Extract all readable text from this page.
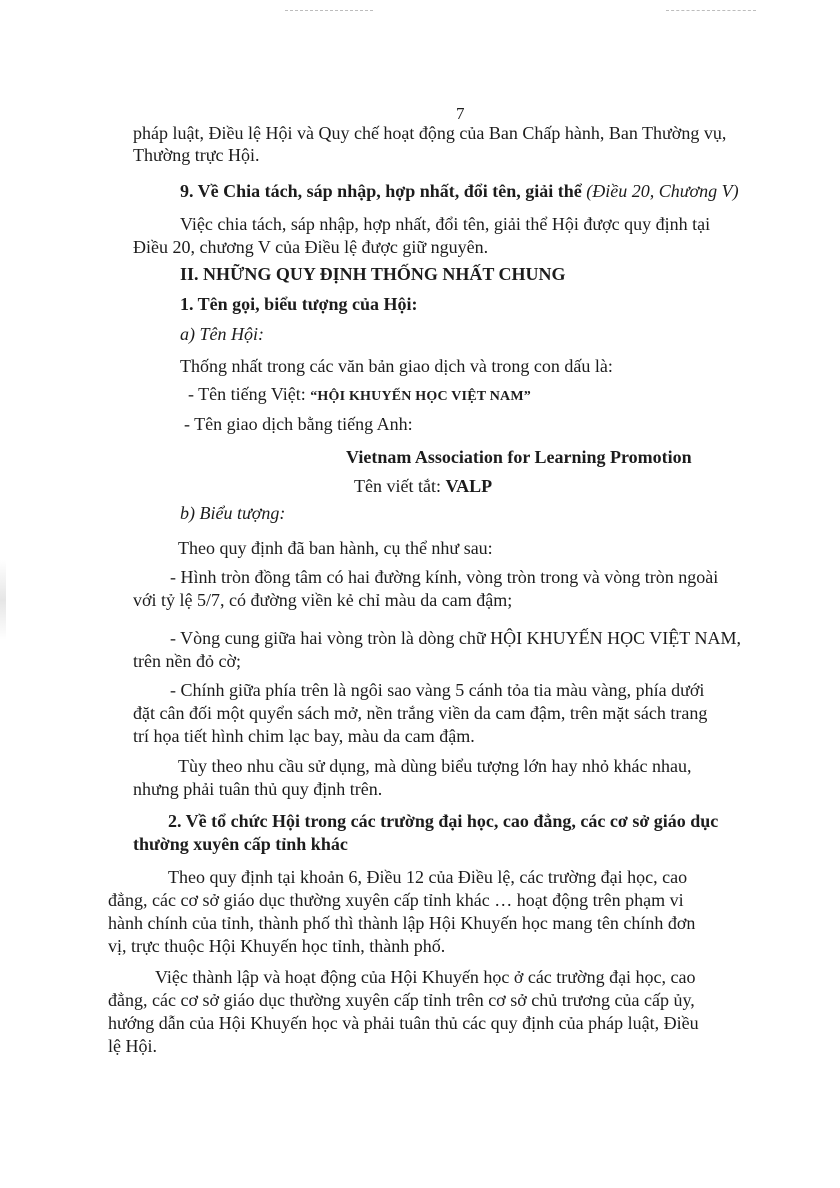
7
pháp luật, Điều lệ Hội và Quy chế hoạt động của Ban Chấp hành, Ban Thường vụ,
Thường trực Hội.
9. Về Chia tách, sáp nhập, hợp nhất, đổi tên, giải thể (Điều 20, Chương V)
Việc chia tách, sáp nhập, hợp nhất, đổi tên, giải thể Hội được quy định tại
Điều 20, chương V của Điều lệ được giữ nguyên.
II. NHỮNG QUY ĐỊNH THỐNG NHẤT CHUNG
1. Tên gọi, biểu tượng của Hội:
a) Tên Hội:
Thống nhất trong các văn bản giao dịch và trong con dấu là:
- Tên tiếng Việt: “HỘI KHUYẾN HỌC VIỆT NAM”
- Tên giao dịch bằng tiếng Anh:
Vietnam Association for Learning Promotion
Tên viết tắt: VALP
b) Biểu tượng:
Theo quy định đã ban hành, cụ thể như sau:
- Hình tròn đồng tâm có hai đường kính, vòng tròn trong và vòng tròn ngoài
với tỷ lệ 5/7, có đường viền kẻ chỉ màu da cam đậm;
- Vòng cung giữa hai vòng tròn là dòng chữ HỘI KHUYẾN HỌC VIỆT NAM,
trên nền đỏ cờ;
- Chính giữa phía trên là ngôi sao vàng 5 cánh tỏa tia màu vàng, phía dưới
đặt cân đối một quyển sách mở, nền trắng viền da cam đậm, trên mặt sách trang
trí họa tiết hình chim lạc bay, màu da cam đậm.
Tùy theo nhu cầu sử dụng, mà dùng biểu tượng lớn hay nhỏ khác nhau,
nhưng phải tuân thủ quy định trên.
2. Về tổ chức Hội trong các trường đại học, cao đẳng, các cơ sở giáo dục
thường xuyên cấp tỉnh khác
Theo quy định tại khoản 6, Điều 12 của Điều lệ, các trường đại học, cao
đẳng, các cơ sở giáo dục thường xuyên cấp tỉnh khác … hoạt động trên phạm vi
hành chính của tỉnh, thành phố thì thành lập Hội Khuyến học mang tên chính đơn
vị, trực thuộc Hội Khuyến học tỉnh, thành phố.
Việc thành lập và hoạt động của Hội Khuyến học ở các trường đại học, cao
đẳng, các cơ sở giáo dục thường xuyên cấp tỉnh trên cơ sở chủ trương của cấp ủy,
hướng dẫn của Hội Khuyến học và phải tuân thủ các quy định của pháp luật, Điều
lệ Hội.
